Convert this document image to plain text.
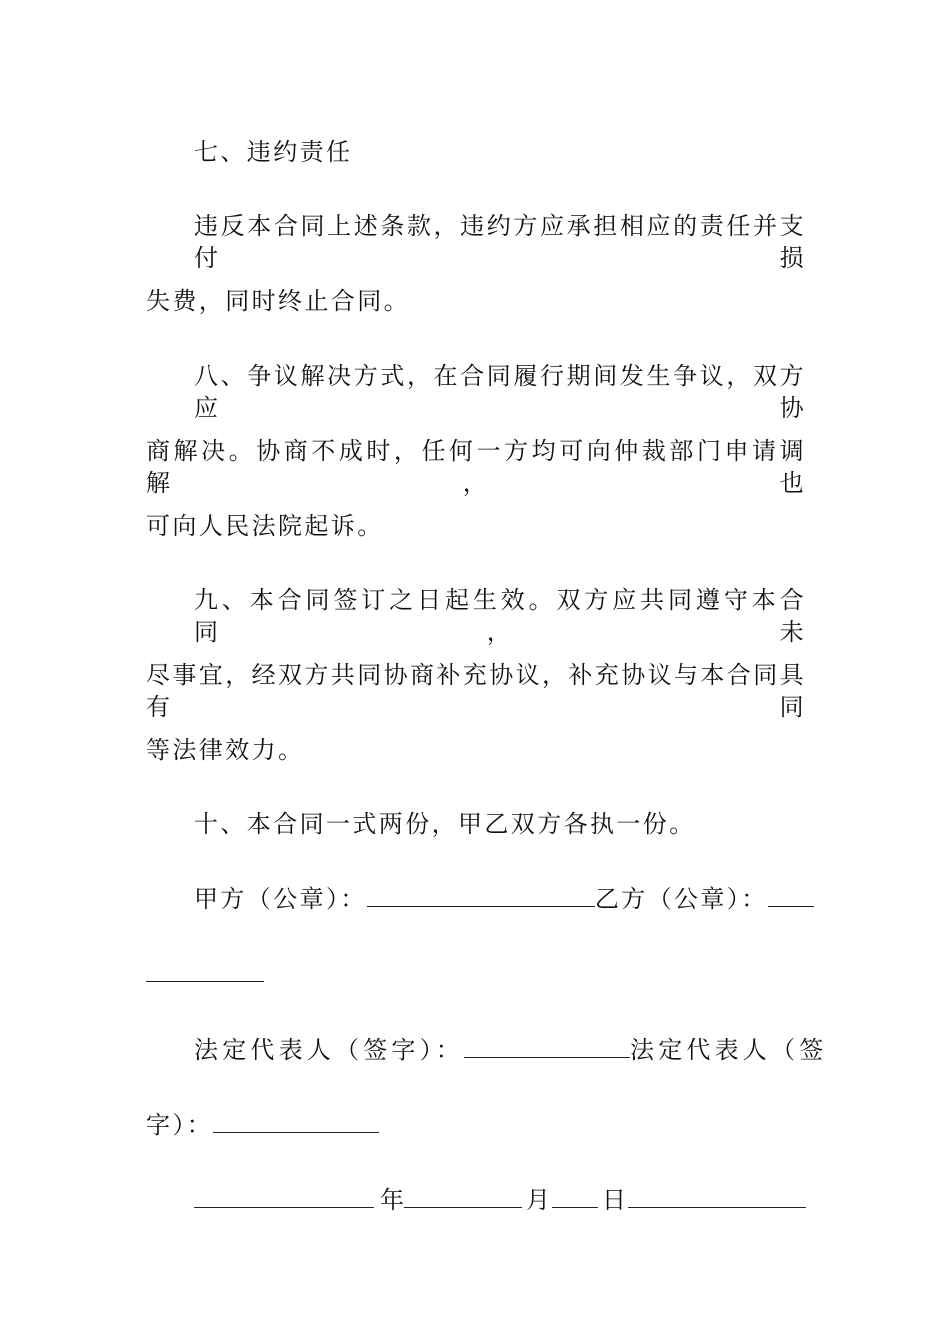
七、违约责任
违反本合同上述条款，违约方应承担相应的责任并支付损
失费，同时终止合同。
八、争议解决方式，在合同履行期间发生争议，双方应协
商解决。协商不成时，任何一方均可向仲裁部门申请调解，也
可向人民法院起诉。
九、本合同签订之日起生效。双方应共同遵守本合同，未
尽事宜，经双方共同协商补充协议，补充协议与本合同具有同
等法律效力。
十、本合同一式两份，甲乙双方各执一份。
甲方（公章）：	乙方（公章）：
法定代表人（签字）：	法定代表人（签
字）：
年	月 日
